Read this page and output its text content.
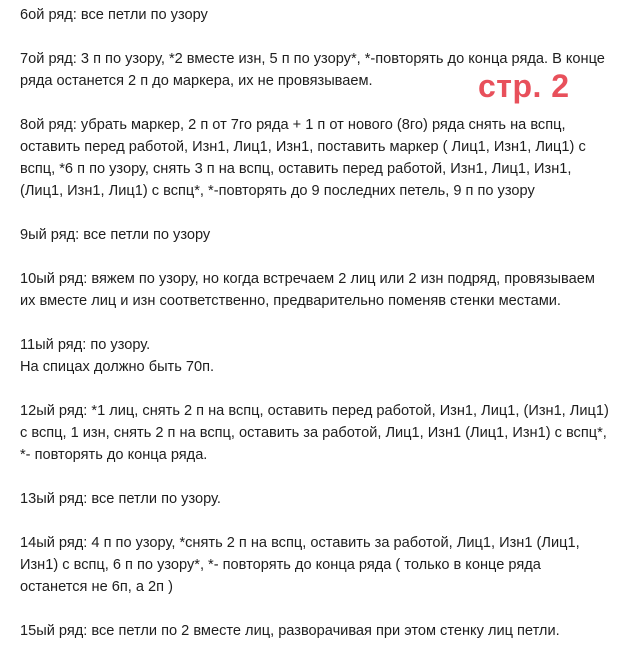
6ой ряд: все петли по узору

7ой ряд: 3 п по узору, *2 вместе изн, 5 п по узору*, *-повторять до конца ряда. В конце
ряда останется 2 п до маркера, их не провязываем.

8ой ряд: убрать маркер, 2 п от 7го ряда + 1 п от нового (8го) ряда снять на вспц,
оставить перед работой, Изн1, Лиц1, Изн1, поставить маркер ( Лиц1, Изн1, Лиц1) с
вспц, *6 п по узору, снять 3 п на вспц, оставить перед работой, Изн1, Лиц1, Изн1,
(Лиц1, Изн1, Лиц1) с вспц*, *-повторять до 9 последних петель, 9 п по узору

9ый ряд: все петли по узору

10ый ряд: вяжем по узору, но когда встречаем 2 лиц или 2 изн подряд, провязываем
их вместе лиц и изн соответственно, предварительно поменяв стенки местами.

11ый ряд: по узору.
На спицах должно быть 70п.

12ый ряд: *1 лиц, снять 2 п на вспц, оставить перед работой, Изн1, Лиц1, (Изн1, Лиц1)
с вспц, 1 изн, снять 2 п на вспц, оставить за работой, Лиц1, Изн1 (Лиц1, Изн1) с вспц*,
*- повторять до конца ряда.

13ый ряд: все петли по узору.

14ый ряд: 4 п по узору, *снять 2 п на вспц, оставить за работой, Лиц1, Изн1 (Лиц1,
Изн1) с вспц, 6 п по узору*, *- повторять до конца ряда ( только в конце ряда
останется не 6п, а 2п )

15ый ряд: все петли по 2 вместе лиц, разворачивая при этом стенку лиц петли.

стр. 2
